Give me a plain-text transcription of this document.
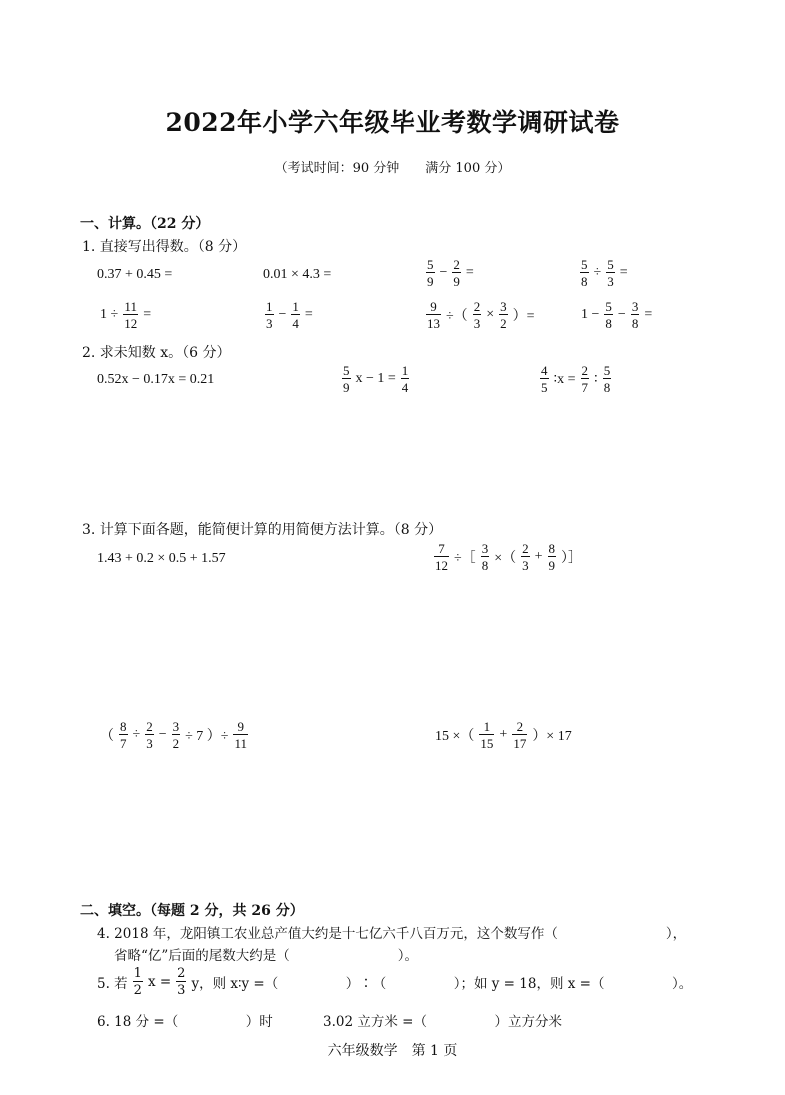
2022年小学六年级毕业考数学调研试卷
（考试时间：90 分钟　　满分 100 分）
一、计算。（22 分）
1. 直接写出得数。（8 分）
0.37 + 0.45 =	0.01 × 4.3 =	$\frac{5}{9} - \frac{2}{9}$ =	$\frac{5}{8} \div \frac{5}{3}$ =
$1 \div \frac{11}{12}$ =	$\frac{1}{3} - \frac{1}{4}$ =	$\frac{9}{13}$ ÷（ $\frac{2}{3} \times \frac{3}{2}$ ）=	$1 - \frac{5}{8} - \frac{3}{8}$ =
2. 求未知数 x。（6 分）
0.52x − 0.17x = 0.21	$\frac{5}{9}$ $x - 1 = \frac{1}{4}$	$\frac{4}{5}$ ∶x = $\frac{2}{7}$ ∶ $\frac{5}{8}$
3. 计算下面各题，能简便计算的用简便方法计算。（8 分）
1.43 + 0.2 × 0.5 + 1.57	$\frac{7}{12}$ ÷［ $\frac{3}{8}$ ×（ $\frac{2}{3} + \frac{8}{9}$ ）］
（ $\frac{8}{7} \div \frac{2}{3} - \frac{3}{2} \div 7$ ）÷ $\frac{9}{11}$	15 ×（ $\frac{1}{15} + \frac{2}{17}$ ）× 17
二、填空。（每题 2 分，共 26 分）
4. 2018 年，龙阳镇工农业总产值大约是十七亿六千八百万元，这个数写作（　　　　　　　　），
省略“亿”后面的尾数大约是（　　　　　　　　）。
5. 若 $\frac{1}{2}$ $x = \frac{2}{3}$ y，则 x∶y =（　　　　　）∶（　　　　　）；如 y = 18，则 x =（　　　　　）。
6. 18 分 =（　　　　　）时	3.02 立方米 =（　　　　　）立方分米
六年级数学　第 1 页
